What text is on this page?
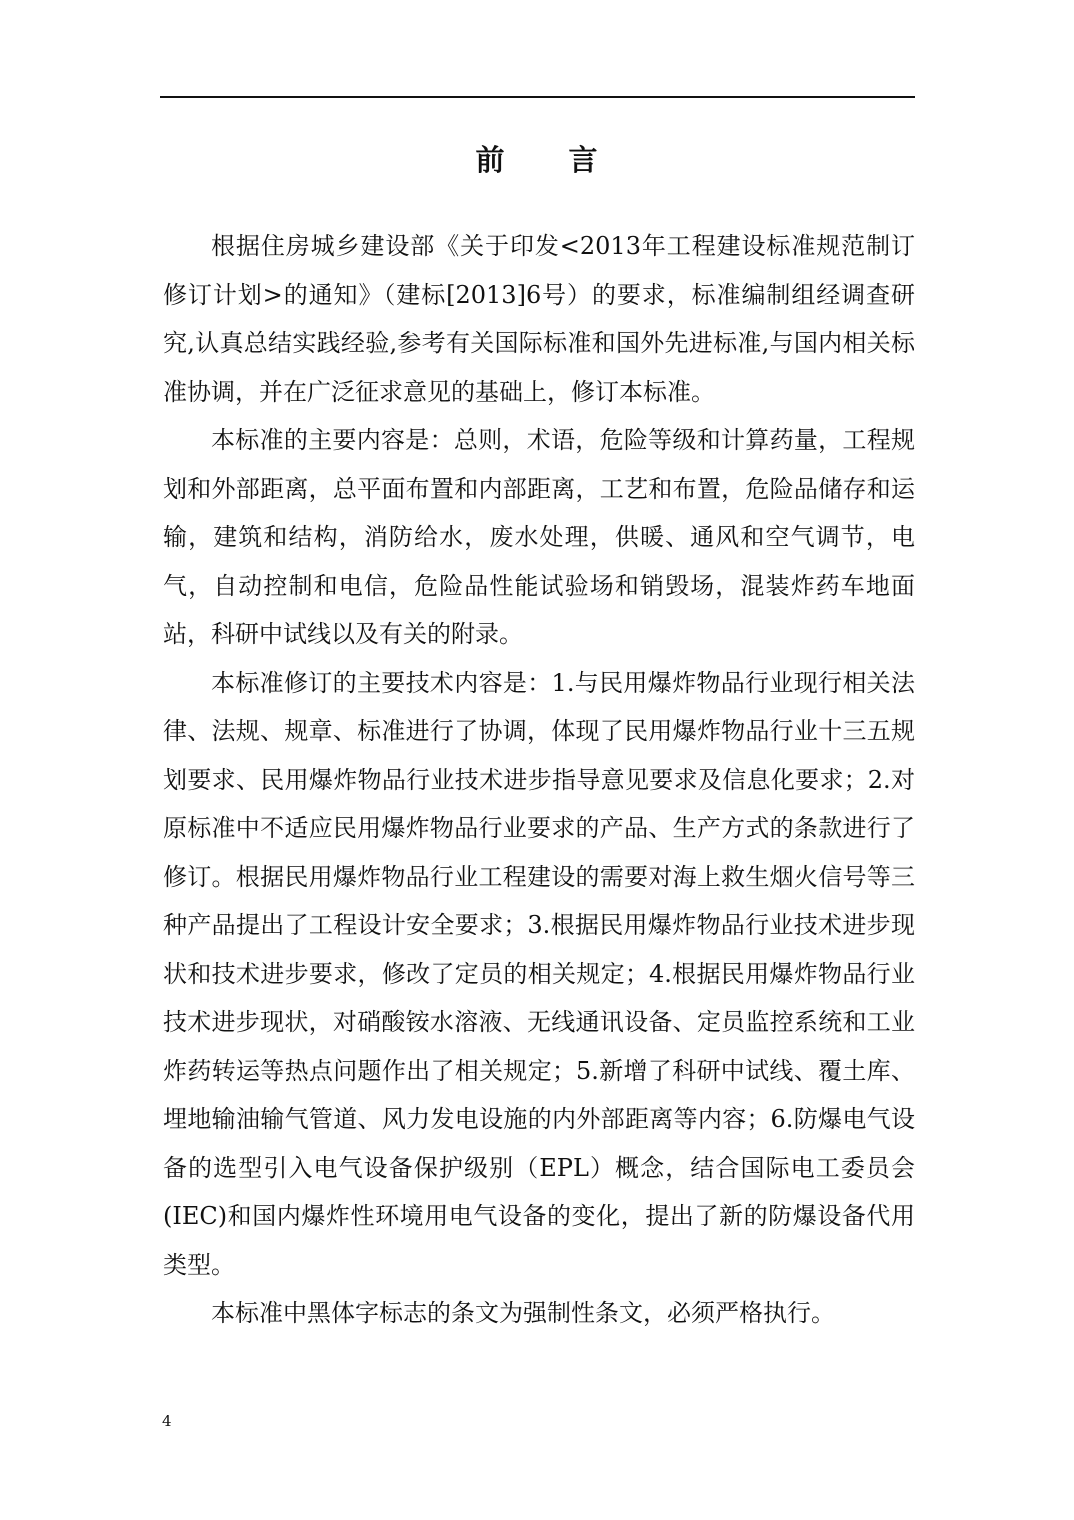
前　　言

根据住房城乡建设部《关于印发<2013年工程建设标准规范制订修订计划>的通知》（建标[2013]6号）的要求，标准编制组经调查研究,认真总结实践经验,参考有关国际标准和国外先进标准,与国内相关标准协调，并在广泛征求意见的基础上，修订本标准。

本标准的主要内容是：总则，术语，危险等级和计算药量，工程规划和外部距离，总平面布置和内部距离，工艺和布置，危险品储存和运输，建筑和结构，消防给水，废水处理，供暖、通风和空气调节，电气，自动控制和电信，危险品性能试验场和销毁场，混装炸药车地面站，科研中试线以及有关的附录。

本标准修订的主要技术内容是：1.与民用爆炸物品行业现行相关法律、法规、规章、标准进行了协调，体现了民用爆炸物品行业十三五规划要求、民用爆炸物品行业技术进步指导意见要求及信息化要求；2.对原标准中不适应民用爆炸物品行业要求的产品、生产方式的条款进行了修订。根据民用爆炸物品行业工程建设的需要对海上救生烟火信号等三种产品提出了工程设计安全要求；3.根据民用爆炸物品行业技术进步现状和技术进步要求，修改了定员的相关规定；4.根据民用爆炸物品行业技术进步现状，对硝酸铵水溶液、无线通讯设备、定员监控系统和工业炸药转运等热点问题作出了相关规定；5.新增了科研中试线、覆土库、埋地输油输气管道、风力发电设施的内外部距离等内容；6.防爆电气设备的选型引入电气设备保护级别（EPL）概念，结合国际电工委员会(IEC)和国内爆炸性环境用电气设备的变化，提出了新的防爆设备代用类型。

本标准中黑体字标志的条文为强制性条文，必须严格执行。

4
